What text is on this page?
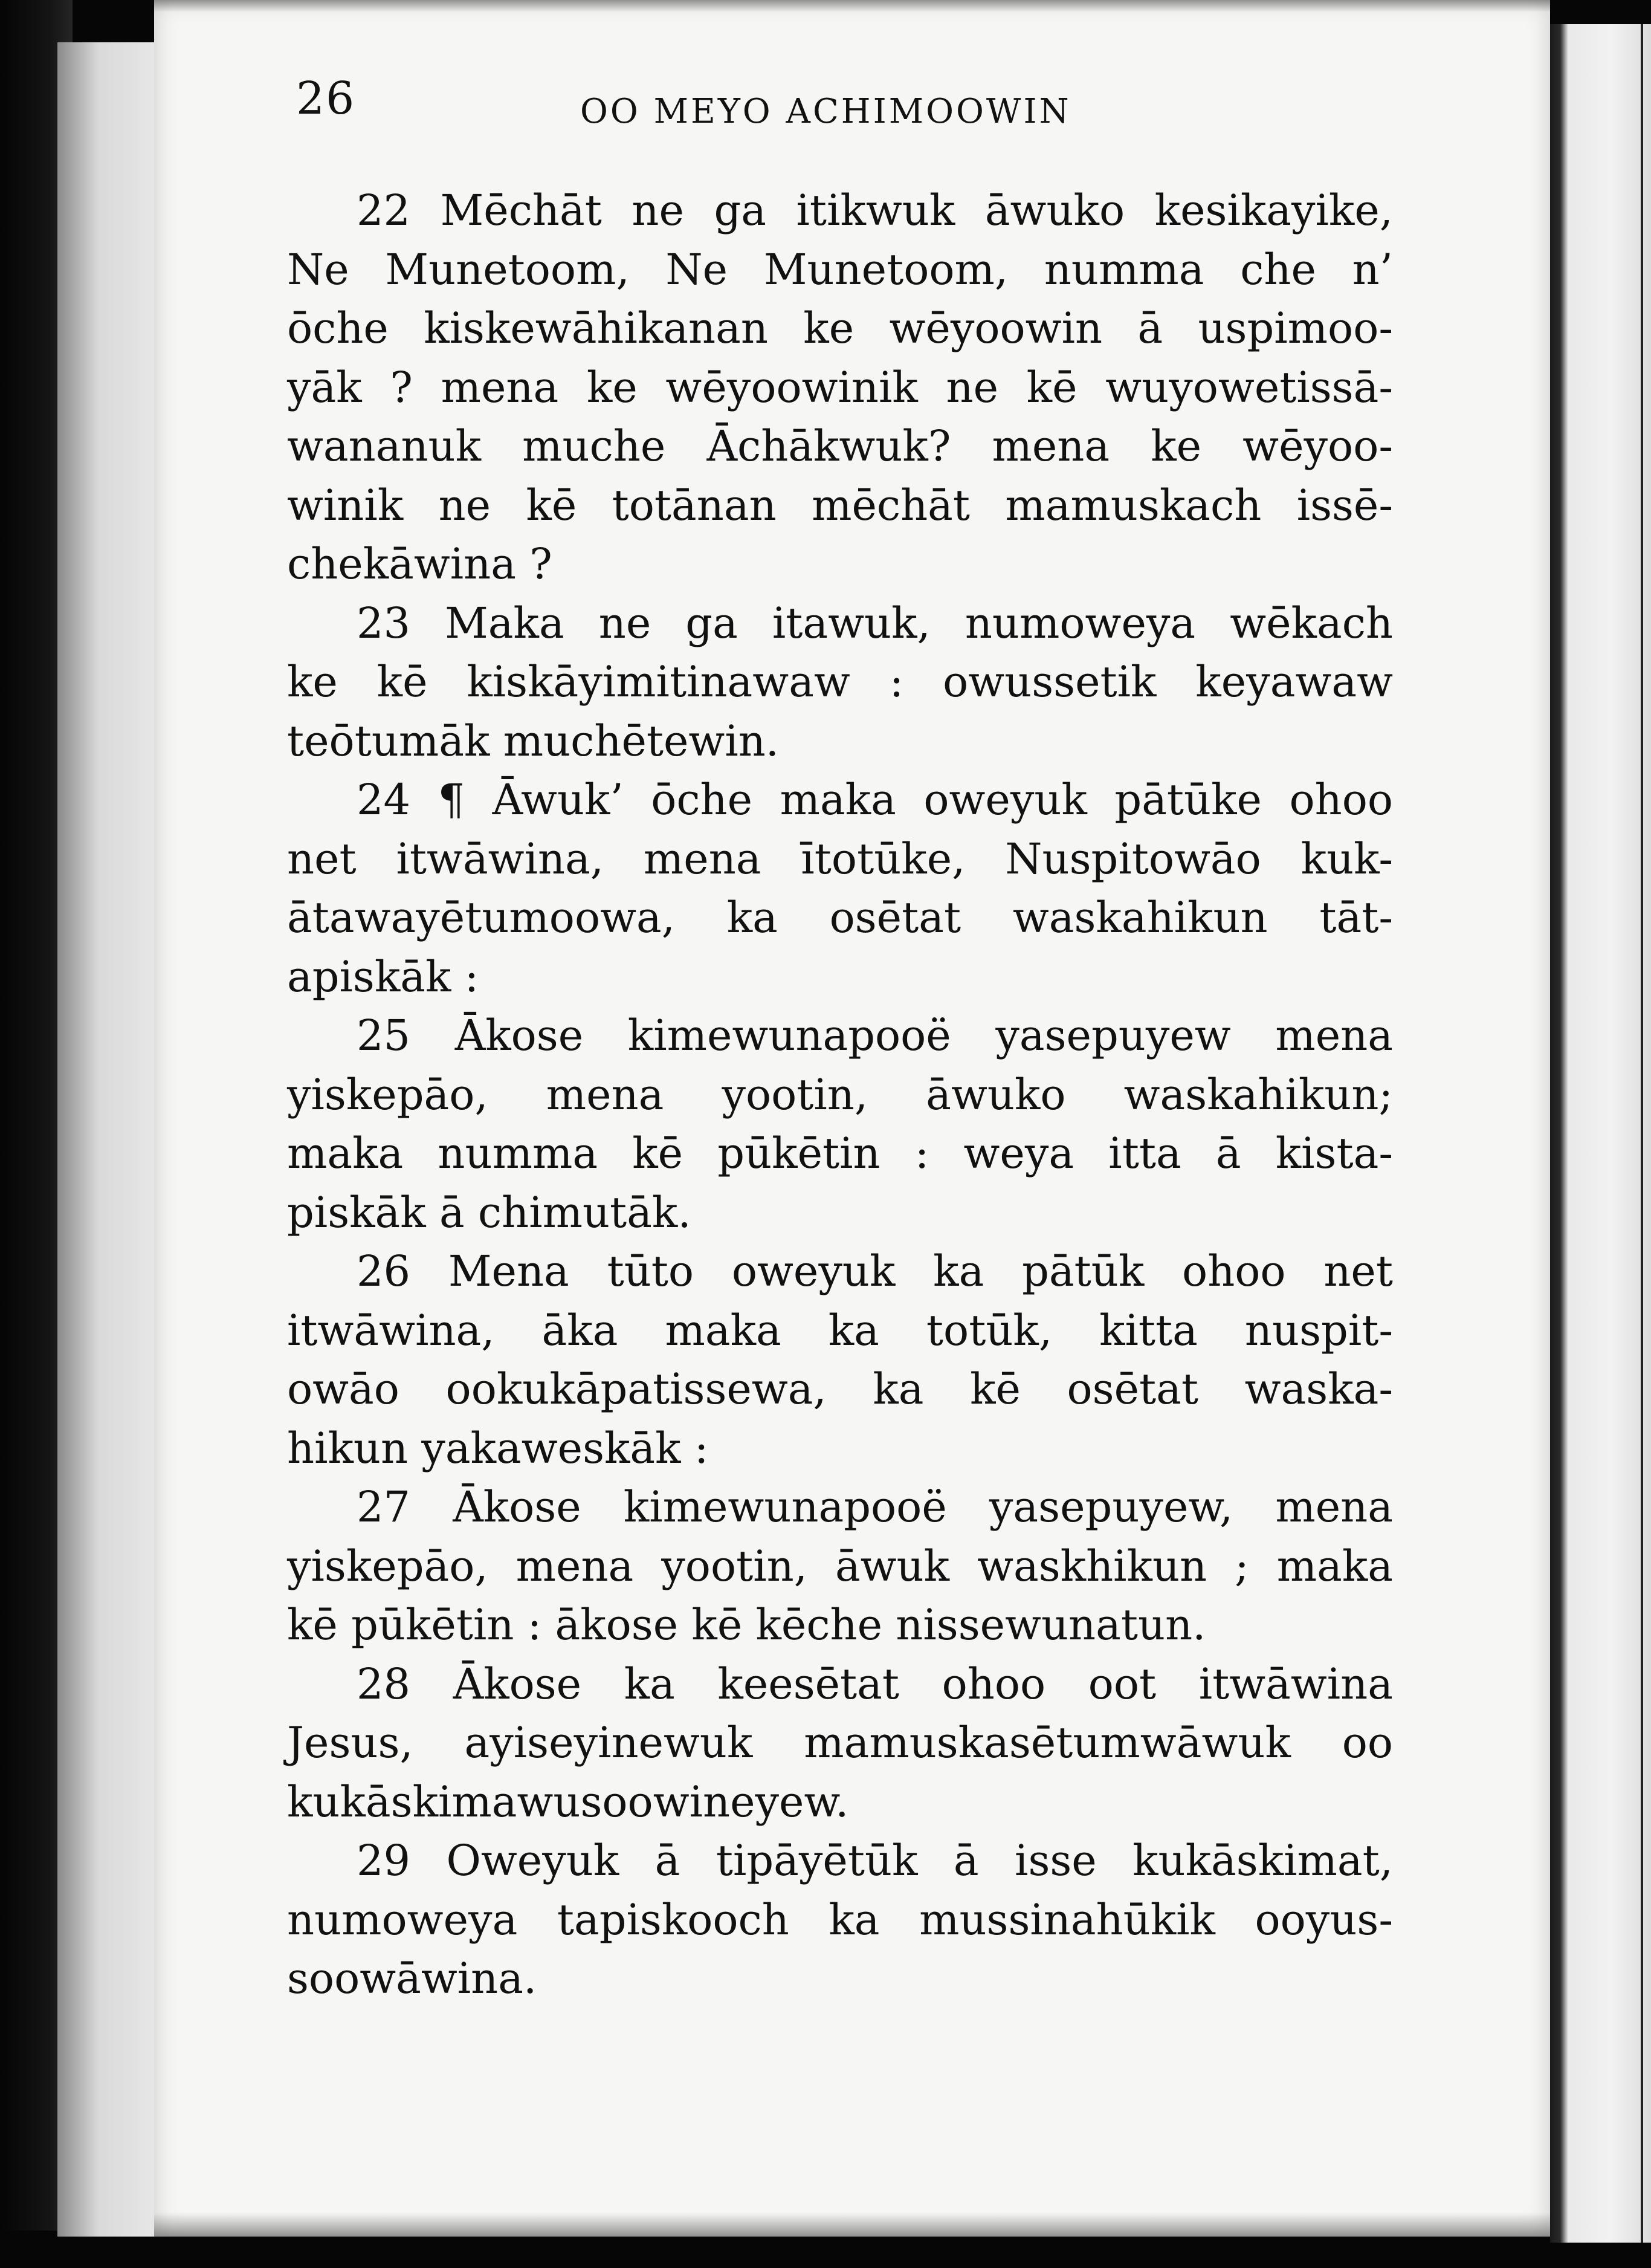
26	OO MEYO ACHIMOOWIN
22 Mēchāt ne ga itikwuk āwuko kesikayike,
Ne Munetoom, Ne Munetoom, numma che n’
ōche kiskewāhikanan ke wēyoowin ā uspimoo-
yāk ? mena ke wēyoowinik ne kē wuyowetissā-
wananuk muche Āchākwuk? mena ke wēyoo-
winik ne kē totānan mēchāt mamuskach issē-
chekāwina ?
23 Maka ne ga itawuk, numoweya wēkach
ke kē kiskāyimitinawaw : owussetik keyawaw
teōtumāk muchētewin.
24 ¶ Āwuk’ ōche maka oweyuk pātūke ohoo
net itwāwina, mena ītotūke, Nuspitowāo kuk-
ātawayētumoowa, ka osētat waskahikun tāt-
apiskāk :
25 Ākose kimewunapooë yasepuyew mena
yiskepāo, mena yootin, āwuko waskahikun;
maka numma kē pūkētin : weya itta ā kista-
piskāk ā chimutāk.
26 Mena tūto oweyuk ka pātūk ohoo net
itwāwina, āka maka ka totūk, kitta nuspit-
owāo ookukāpatissewa, ka kē osētat waska-
hikun yakaweskāk :
27 Ākose kimewunapooë yasepuyew, mena
yiskepāo, mena yootin, āwuk waskhikun ; maka
kē pūkētin : ākose kē kēche nissewunatun.
28 Ākose ka keesētat ohoo oot itwāwina
Jesus, ayiseyinewuk mamuskasētumwāwuk oo
kukāskimawusoowineyew.
29 Oweyuk ā tipāyētūk ā isse kukāskimat,
numoweya tapiskooch ka mussinahūkik ooyus-
soowāwina.
